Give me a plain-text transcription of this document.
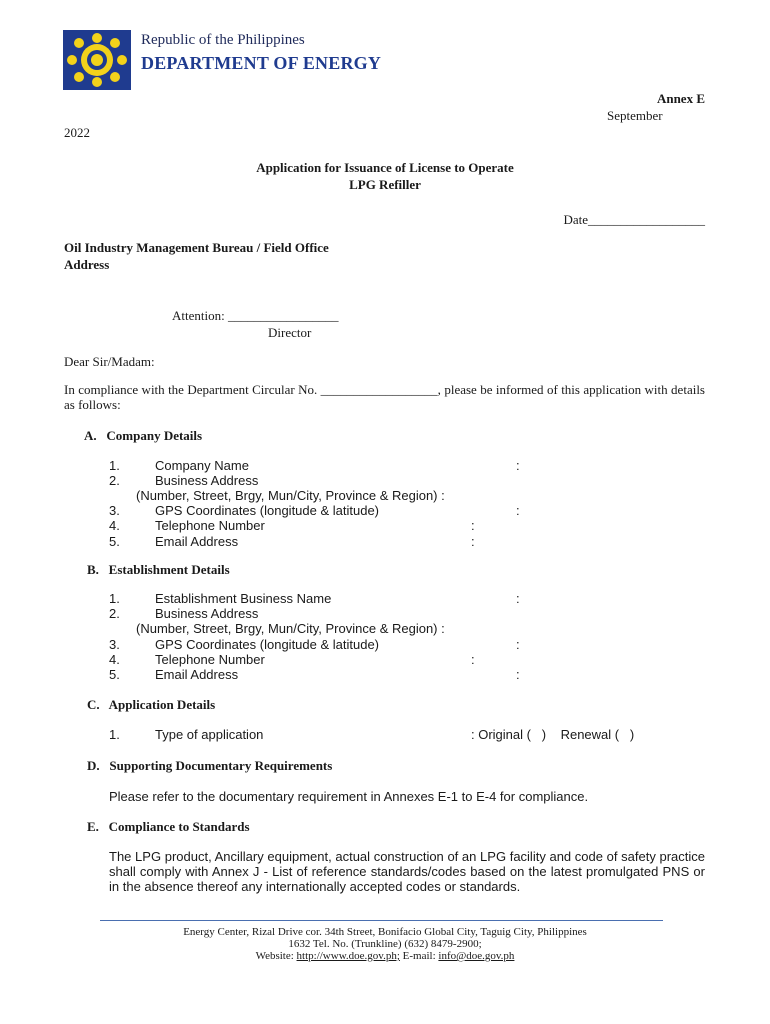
Republic of the Philippines
DEPARTMENT OF ENERGY
Annex E
September
2022
Application for Issuance of License to Operate
LPG Refiller
Date__________________
Oil Industry Management Bureau / Field Office
Address
Attention: _________________
Director
Dear Sir/Madam:
In compliance with the Department Circular No. __________________, please be informed of this application with details as follows:
A.   Company Details
1.	Company Name	:
2.	Business Address
(Number, Street, Brgy, Mun/City, Province & Region) :
3.	GPS Coordinates (longitude & latitude)	:
4.	Telephone Number	:
5.	Email Address	:
B.   Establishment Details
1.	Establishment Business Name	:
2.	Business Address
(Number, Street, Brgy, Mun/City, Province & Region) :
3.	GPS Coordinates (longitude & latitude)	:
4.	Telephone Number	:
5.	Email Address	:
C.   Application Details
1.	Type of application	: Original (   )    Renewal (   )
D.   Supporting Documentary Requirements
Please refer to the documentary requirement in Annexes E-1 to E-4 for compliance.
E.   Compliance to Standards
The LPG product, Ancillary equipment, actual construction of an LPG facility and code of safety practice shall comply with Annex J - List of reference standards/codes based on the latest promulgated PNS or in the absence thereof any internationally accepted codes or standards.
Energy Center, Rizal Drive cor. 34th Street, Bonifacio Global City, Taguig City, Philippines
1632 Tel. No. (Trunkline) (632) 8479-2900;
Website: http://www.doe.gov.ph; E-mail: info@doe.gov.ph
